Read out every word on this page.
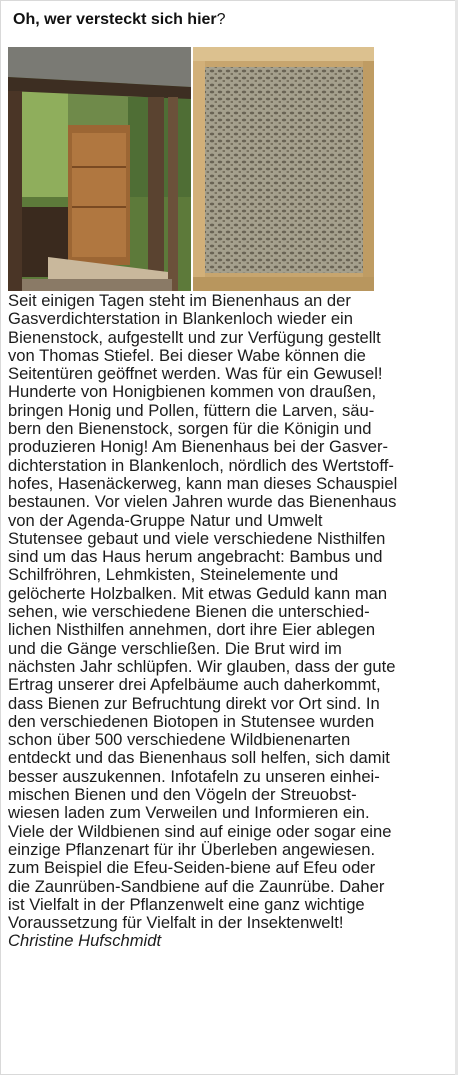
Oh, wer versteckt sich hier?
Seit einigen Tagen steht im Bienenhaus an der
Gasverdichterstation in Blankenloch wieder ein
Bienenstock, aufgestellt und zur Verfügung gestellt
von Thomas Stiefel. Bei dieser Wabe können die
Seitentüren geöffnet werden. Was für ein Gewusel!
Hunderte von Honigbienen kommen von draußen,
bringen Honig und Pollen, füttern die Larven, säu-
bern den Bienenstock, sorgen für die Königin und
produzieren Honig! Am Bienenhaus bei der Gasver-
dichterstation in Blankenloch, nördlich des Wertstoff-
hofes, Hasenäckerweg, kann man dieses Schauspiel
bestaunen. Vor vielen Jahren wurde das Bienenhaus
von der Agenda-Gruppe Natur und Umwelt
Stutensee gebaut und viele verschiedene Nisthilfen
sind um das Haus herum angebracht: Bambus und
Schilfröhren, Lehmkisten, Steinelemente und
gelöcherte Holzbalken. Mit etwas Geduld kann man
sehen, wie verschiedene Bienen die unterschied-
lichen Nisthilfen annehmen, dort ihre Eier ablegen
und die Gänge verschließen. Die Brut wird im
nächsten Jahr schlüpfen. Wir glauben, dass der gute
Ertrag unserer drei Apfelbäume auch daherkommt,
dass Bienen zur Befruchtung direkt vor Ort sind. In
den verschiedenen Biotopen in Stutensee wurden
schon über 500 verschiedene Wildbienenarten
entdeckt und das Bienenhaus soll helfen, sich damit
besser auszukennen. Infotafeln zu unseren einhei-
mischen Bienen und den Vögeln der Streuobst-
wiesen laden zum Verweilen und Informieren ein.
Viele der Wildbienen sind auf einige oder sogar eine
einzige Pflanzenart für ihr Überleben angewiesen.
zum Beispiel die Efeu-Seiden-biene auf Efeu oder
die Zaunrüben-Sandbiene auf die Zaunrübe. Daher
ist Vielfalt in der Pflanzenwelt eine ganz wichtige
Voraussetzung für Vielfalt in der Insektenwelt!
Christine Hufschmidt
